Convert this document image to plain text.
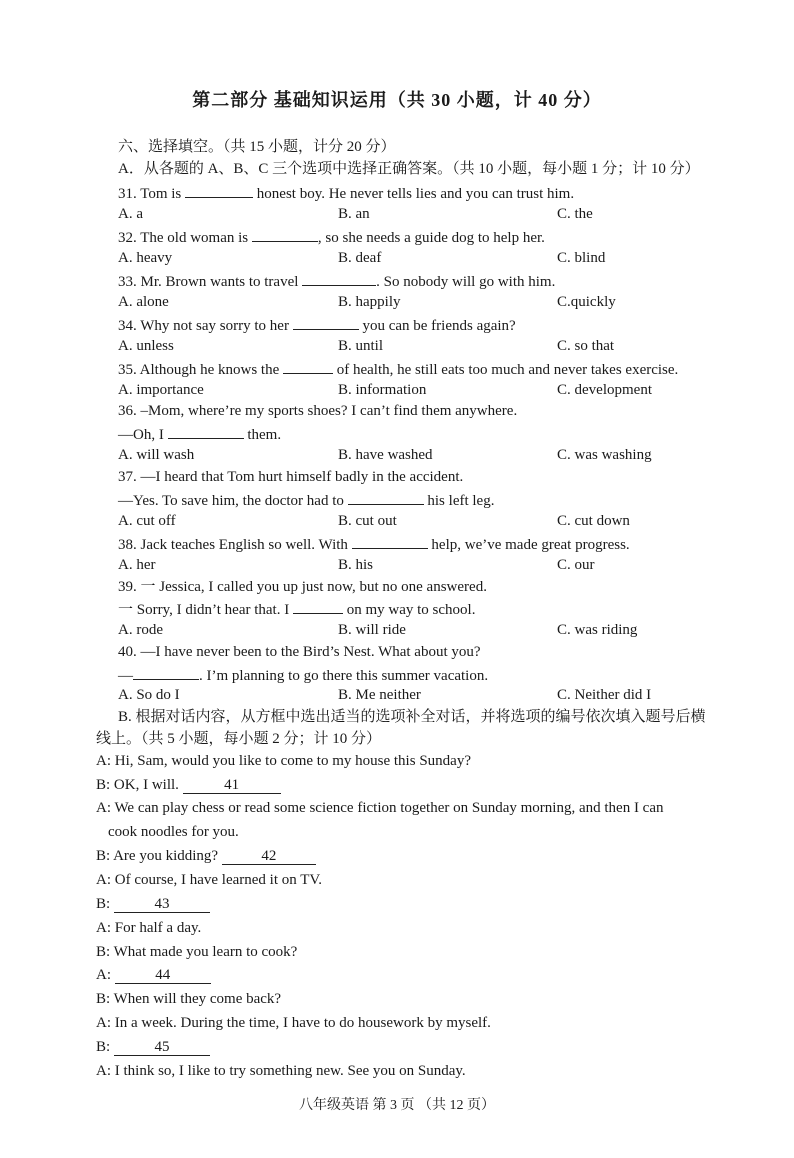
第二部分 基础知识运用（共 30 小题，计 40 分）
六、选择填空。（共 15 小题，计分 20 分）
A．从各题的 A、B、C 三个选项中选择正确答案。（共 10 小题，每小题 1 分；计 10 分）
31. Tom is	honest boy. He never tells lies and you can trust him.
A. a	B. an	C. the
32. The old woman is	, so she needs a guide dog to help her.
A. heavy	B. deaf	C. blind
33. Mr. Brown wants to travel	. So nobody will go with him.
A. alone	B. happily	C.quickly
34. Why not say sorry to her	you can be friends again?
A. unless	B. until	C. so that
35. Although he knows the	of health, he still eats too much and never takes exercise.
A. importance	B. information	C. development
36. –Mom, where’re my sports shoes? I can’t find them anywhere.
—Oh, I	them.
A. will wash	B. have washed	C. was washing
37. —I heard that Tom hurt himself badly in the accident.
—Yes. To save him, the doctor had to	his left leg.
A. cut off	B. cut out	C. cut down
38. Jack teaches English so well. With	help, we’ve made great progress.
A. her	B. his	C. our
39. 一 Jessica, I called you up just now, but no one answered.
一 Sorry, I didn’t hear that. I	on my way to school.
A. rode	B. will ride	C. was riding
40. —I have never been to the Bird’s Nest. What about you?
—	. I’m planning to go there this summer vacation.
A. So do I	B. Me neither	C. Neither did I
B. 根据对话内容，从方框中选出适当的选项补全对话，并将选项的编号依次填入题号后横
线上。（共 5 小题，每小题 2 分；计 10 分）
A: Hi, Sam, would you like to come to my house this Sunday?
B: OK, I will.	41
A: We can play chess or read some science fiction together on Sunday morning, and then I can
cook noodles for you.
B: Are you kidding?	42
A: Of course, I have learned it on TV.
B:	43
A: For half a day.
B: What made you learn to cook?
A:	44
B: When will they come back?
A: In a week. During the time, I have to do housework by myself.
B:	45
A: I think so, I like to try something new. See you on Sunday.
八年级英语 第 3 页 （共 12 页）
